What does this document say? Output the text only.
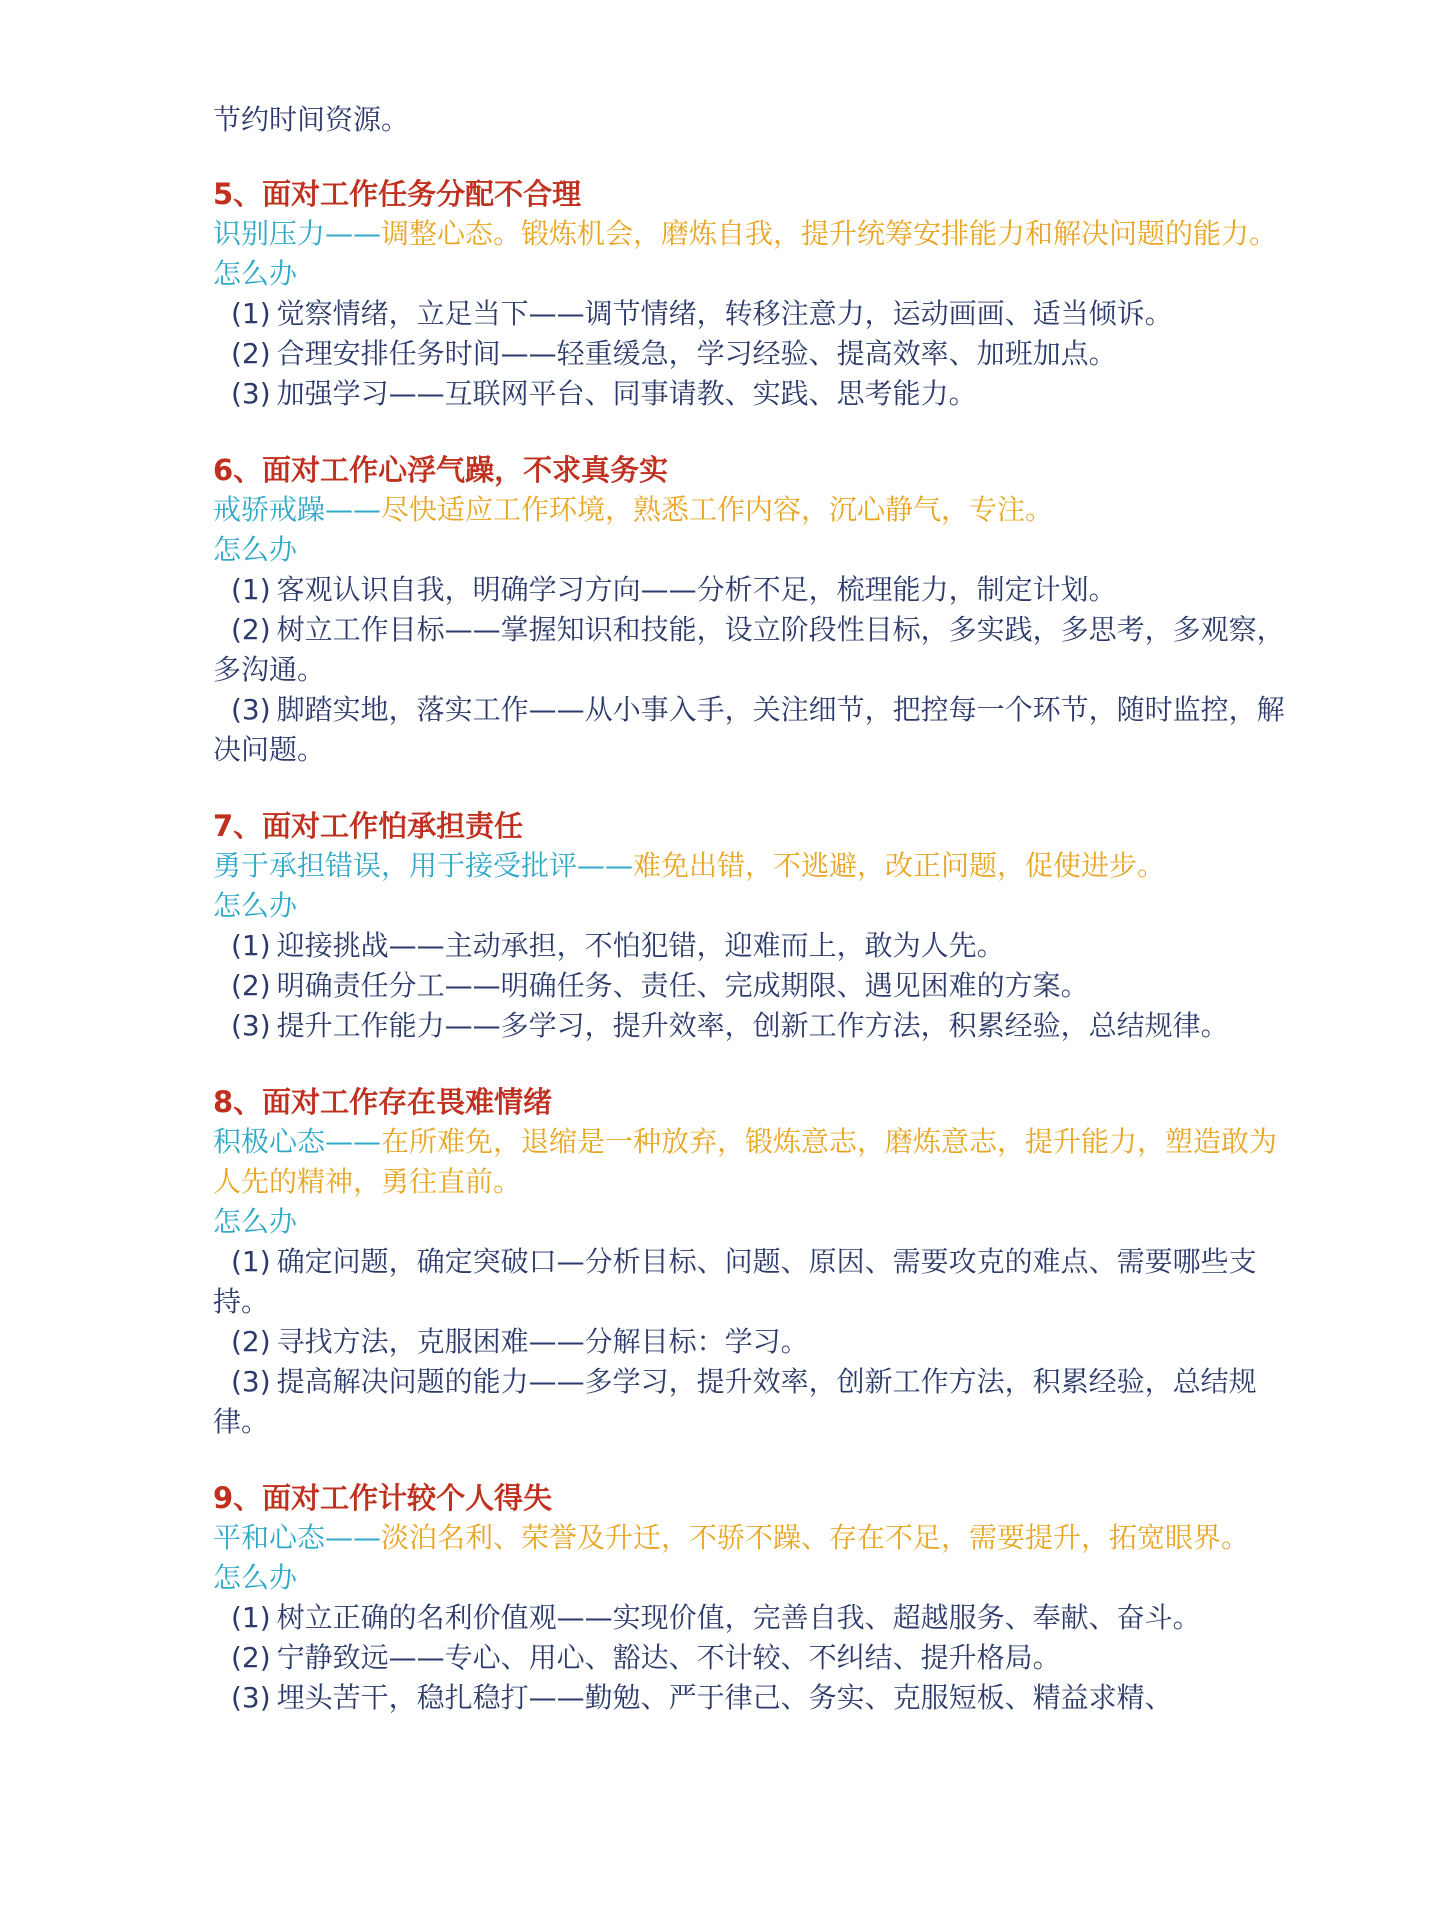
节约时间资源。

5、面对工作任务分配不合理

识别压力——调整心态。锻炼机会，磨炼自我，提升统筹安排能力和解决问题的能力。

怎么办

(1) 觉察情绪，立足当下——调节情绪，转移注意力，运动画画、适当倾诉。

(2) 合理安排任务时间——轻重缓急，学习经验、提高效率、加班加点。

(3) 加强学习——互联网平台、同事请教、实践、思考能力。

6、面对工作心浮气躁，不求真务实

戒骄戒躁——尽快适应工作环境，熟悉工作内容，沉心静气，专注。

怎么办

(1) 客观认识自我，明确学习方向——分析不足，梳理能力，制定计划。

(2) 树立工作目标——掌握知识和技能，设立阶段性目标，多实践，多思考，多观察，多沟通。

(3) 脚踏实地，落实工作——从小事入手，关注细节，把控每一个环节，随时监控，解决问题。

7、面对工作怕承担责任

勇于承担错误，用于接受批评——难免出错，不逃避，改正问题，促使进步。

怎么办

(1) 迎接挑战——主动承担，不怕犯错，迎难而上，敢为人先。

(2) 明确责任分工——明确任务、责任、完成期限、遇见困难的方案。

(3) 提升工作能力——多学习，提升效率，创新工作方法，积累经验，总结规律。

8、面对工作存在畏难情绪

积极心态——在所难免，退缩是一种放弃，锻炼意志，磨炼意志，提升能力，塑造敢为人先的精神，勇往直前。

怎么办

(1) 确定问题，确定突破口—分析目标、问题、原因、需要攻克的难点、需要哪些支持。

(2) 寻找方法，克服困难——分解目标：学习。

(3) 提高解决问题的能力——多学习，提升效率，创新工作方法，积累经验，总结规律。

9、面对工作计较个人得失

平和心态——淡泊名利、荣誉及升迁，不骄不躁、存在不足，需要提升，拓宽眼界。

怎么办

(1) 树立正确的名利价值观——实现价值，完善自我、超越服务、奉献、奋斗。

(2) 宁静致远——专心、用心、豁达、不计较、不纠结、提升格局。

(3) 埋头苦干，稳扎稳打——勤勉、严于律己、务实、克服短板、精益求精、
